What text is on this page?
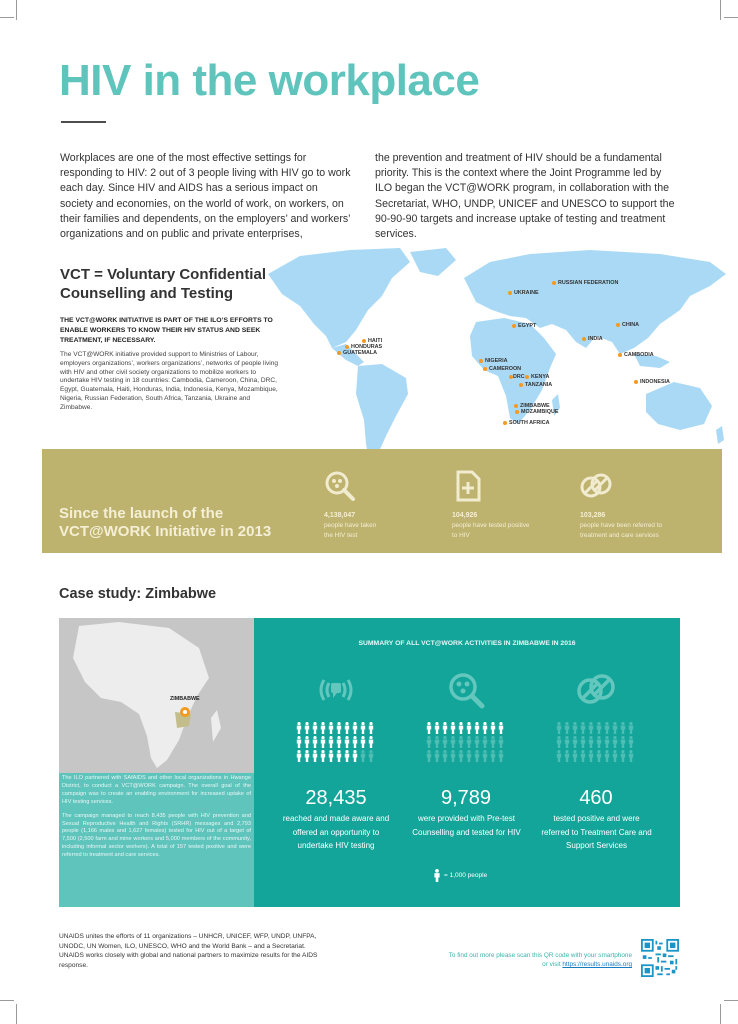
HIV in the workplace

Workplaces are one of the most effective settings for responding to HIV: 2 out of 3 people living with HIV go to work each day. Since HIV and AIDS has a serious impact on society and economies, on the world of work, on workers, on their families and dependents, on the employers’ and workers’ organizations and on public and private enterprises,

the prevention and treatment of HIV should be a fundamental priority. This is the context where the Joint Programme led by ILO began the VCT@WORK program, in collaboration with the Secretariat, WHO, UNDP, UNICEF and UNESCO to support the 90-90-90 targets and increase uptake of testing and treatment services.

VCT = Voluntary Confidential Counselling and Testing

THE VCT@WORK INITIATIVE IS PART OF THE ILO’S EFFORTS TO ENABLE WORKERS TO KNOW THEIR HIV STATUS AND SEEK TREATMENT, IF NECESSARY.

The VCT@WORK initiative provided support to Ministries of Labour, employers organizations’, workers organizations’, networks of people living with HIV and other civil society organizations to mobilize workers to undertake HIV testing in 18 countries: Cambodia, Cameroon, China, DRC, Egypt, Guatemala, Haiti, Honduras, India, Indonesia, Kenya, Mozambique, Nigeria, Russian Federation, South Africa, Tanzania, Ukraine and Zimbabwe.

RUSSIAN FEDERATION
UKRAINE
CHINA
EGYPT
INDIA
HAITI
HONDURAS
GUATEMALA
NIGERIA
CAMBODIA
CAMEROON
DRC KENYA
INDONESIA
TANZANIA
ZIMBABWE
MOZAMBIQUE
SOUTH AFRICA
Since the launch of the VCT@WORK Initiative in 2013
4,138,047
people have taken the HIV test
104,926
people have tested positive to HIV
103,286
people have been referred to treatment and care services
Case study: Zimbabwe
ZIMBABWE

The ILO partnered with SAfAIDS and other local organizations in Hwange District, to conduct a VCT@WORK campaign. The overall goal of the campaign was to create an enabling environment for increased uptake of HIV testing services.

The campaign managed to reach 8,435 people with HIV prevention and Sexual Reproductive Health and Rights (SRHR) messages and 2,793 people (1,166 males and 1,627 females) tested for HIV out of a target of 7,500 (2,500 farm and mine workers and 5,000 members of the community, including informal sector workers). A total of 157 tested positive and were referred to treatment and care services.

SUMMARY OF ALL VCT@WORK ACTIVITIES IN ZIMBABWE IN 2016
28,435
reached and made aware and offered an opportunity to undertake HIV testing
9,789
were provided with Pre-test Counselling and tested for HIV
460
tested positive and were referred to Treatment Care and Support Services
= 1,000 people

UNAIDS unites the efforts of 11 organizations – UNHCR, UNICEF, WFP, UNDP, UNFPA, UNODC, UN Women, ILO, UNESCO, WHO and the World Bank – and a Secretariat. UNAIDS works closely with global and national partners to maximize results for the AIDS response.

To find out more please scan this QR code with your smartphone
or visit https://results.unaids.org
